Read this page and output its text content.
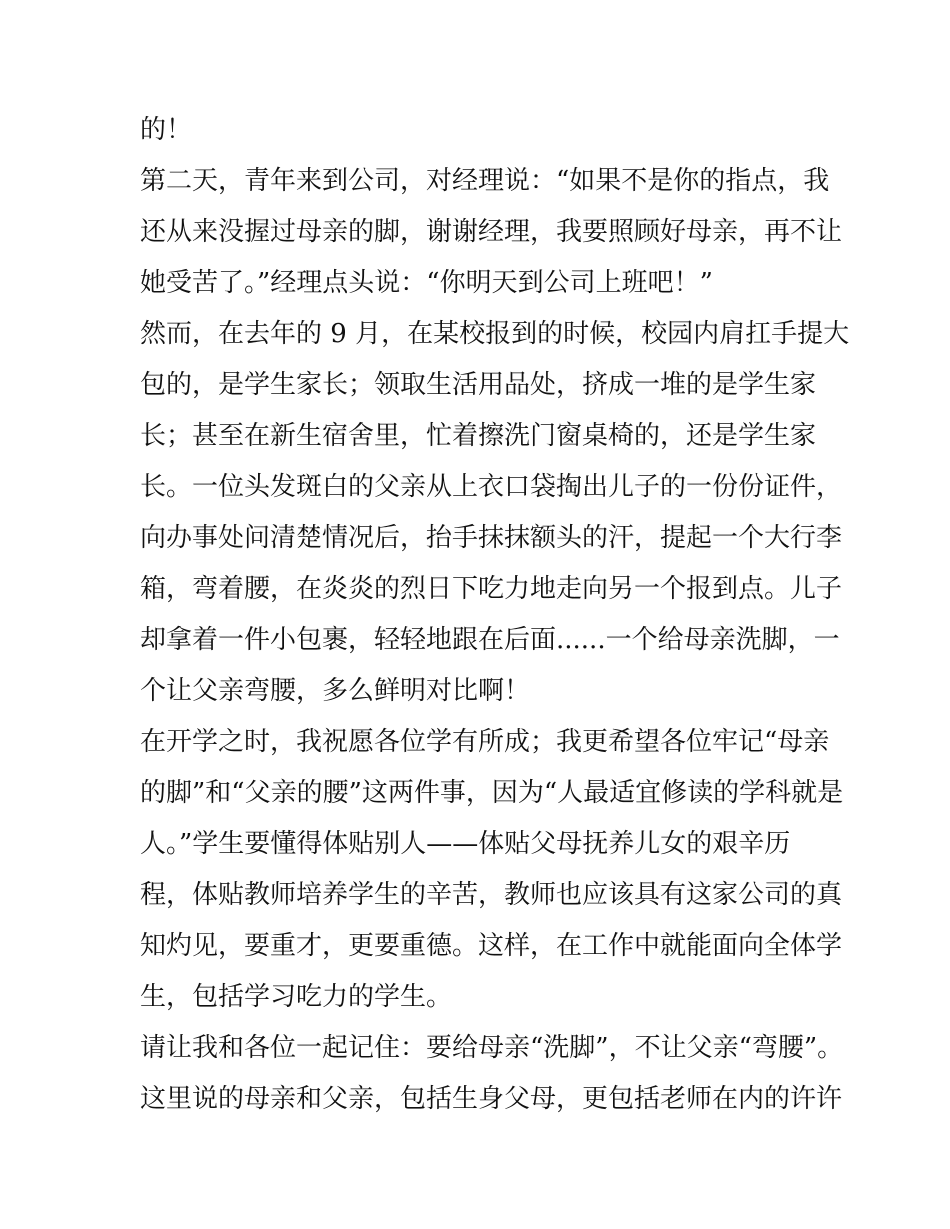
的！

第二天，青年来到公司，对经理说：“如果不是你的指点，我

还从来没握过母亲的脚，谢谢经理，我要照顾好母亲，再不让

她受苦了。”经理点头说：“你明天到公司上班吧！”

然而，在去年的 9 月，在某校报到的时候，校园内肩扛手提大

包的，是学生家长；领取生活用品处，挤成一堆的是学生家

长；甚至在新生宿舍里，忙着擦洗门窗桌椅的，还是学生家

长。一位头发斑白的父亲从上衣口袋掏出儿子的一份份证件，

向办事处问清楚情况后，抬手抹抹额头的汗，提起一个大行李

箱，弯着腰，在炎炎的烈日下吃力地走向另一个报到点。儿子

却拿着一件小包裹，轻轻地跟在后面......一个给母亲洗脚，一

个让父亲弯腰，多么鲜明对比啊！

在开学之时，我祝愿各位学有所成；我更希望各位牢记“母亲

的脚”和“父亲的腰”这两件事，因为“人最适宜修读的学科就是

人。”学生要懂得体贴别人——体贴父母抚养儿女的艰辛历

程，体贴教师培养学生的辛苦，教师也应该具有这家公司的真

知灼见，要重才，更要重德。这样，在工作中就能面向全体学

生，包括学习吃力的学生。

请让我和各位一起记住：要给母亲“洗脚”，不让父亲“弯腰”。

这里说的母亲和父亲，包括生身父母，更包括老师在内的许许
